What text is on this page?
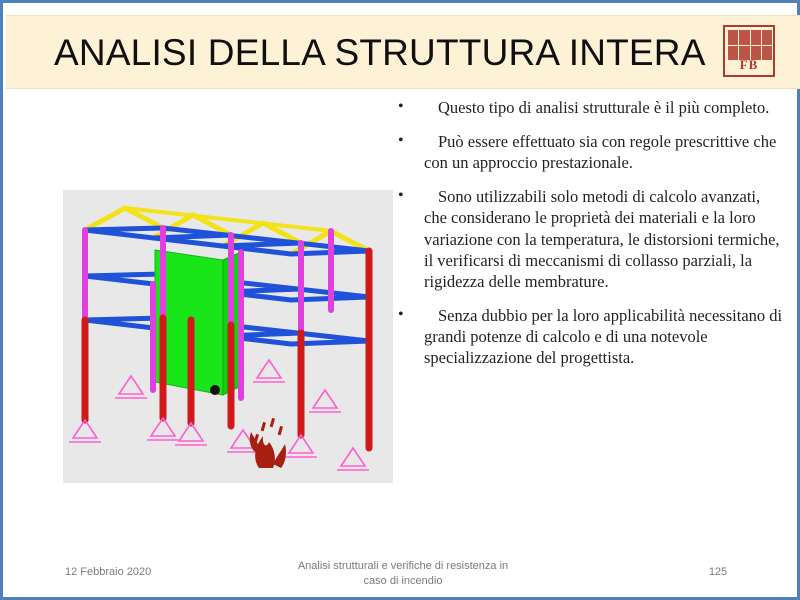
ANALISI DELLA STRUTTURA INTERA	FB
•	Questo tipo di analisi strutturale è il più completo.
•	Può essere effettuato sia con regole prescrittive che con un approccio prestazionale.
•	Sono utilizzabili solo metodi di calcolo avanzati, che considerano le proprietà dei materiali e la loro variazione con la temperatura, le distorsioni termiche, il verificarsi di meccanismi di collasso parziali, la rigidezza delle membrature.
•	Senza dubbio per la loro applicabilità necessitano di grandi potenze di calcolo e di una notevole specializzazione del progettista.
12 Febbraio 2020	Analisi strutturali e verifiche di resistenza in
caso di incendio
125
